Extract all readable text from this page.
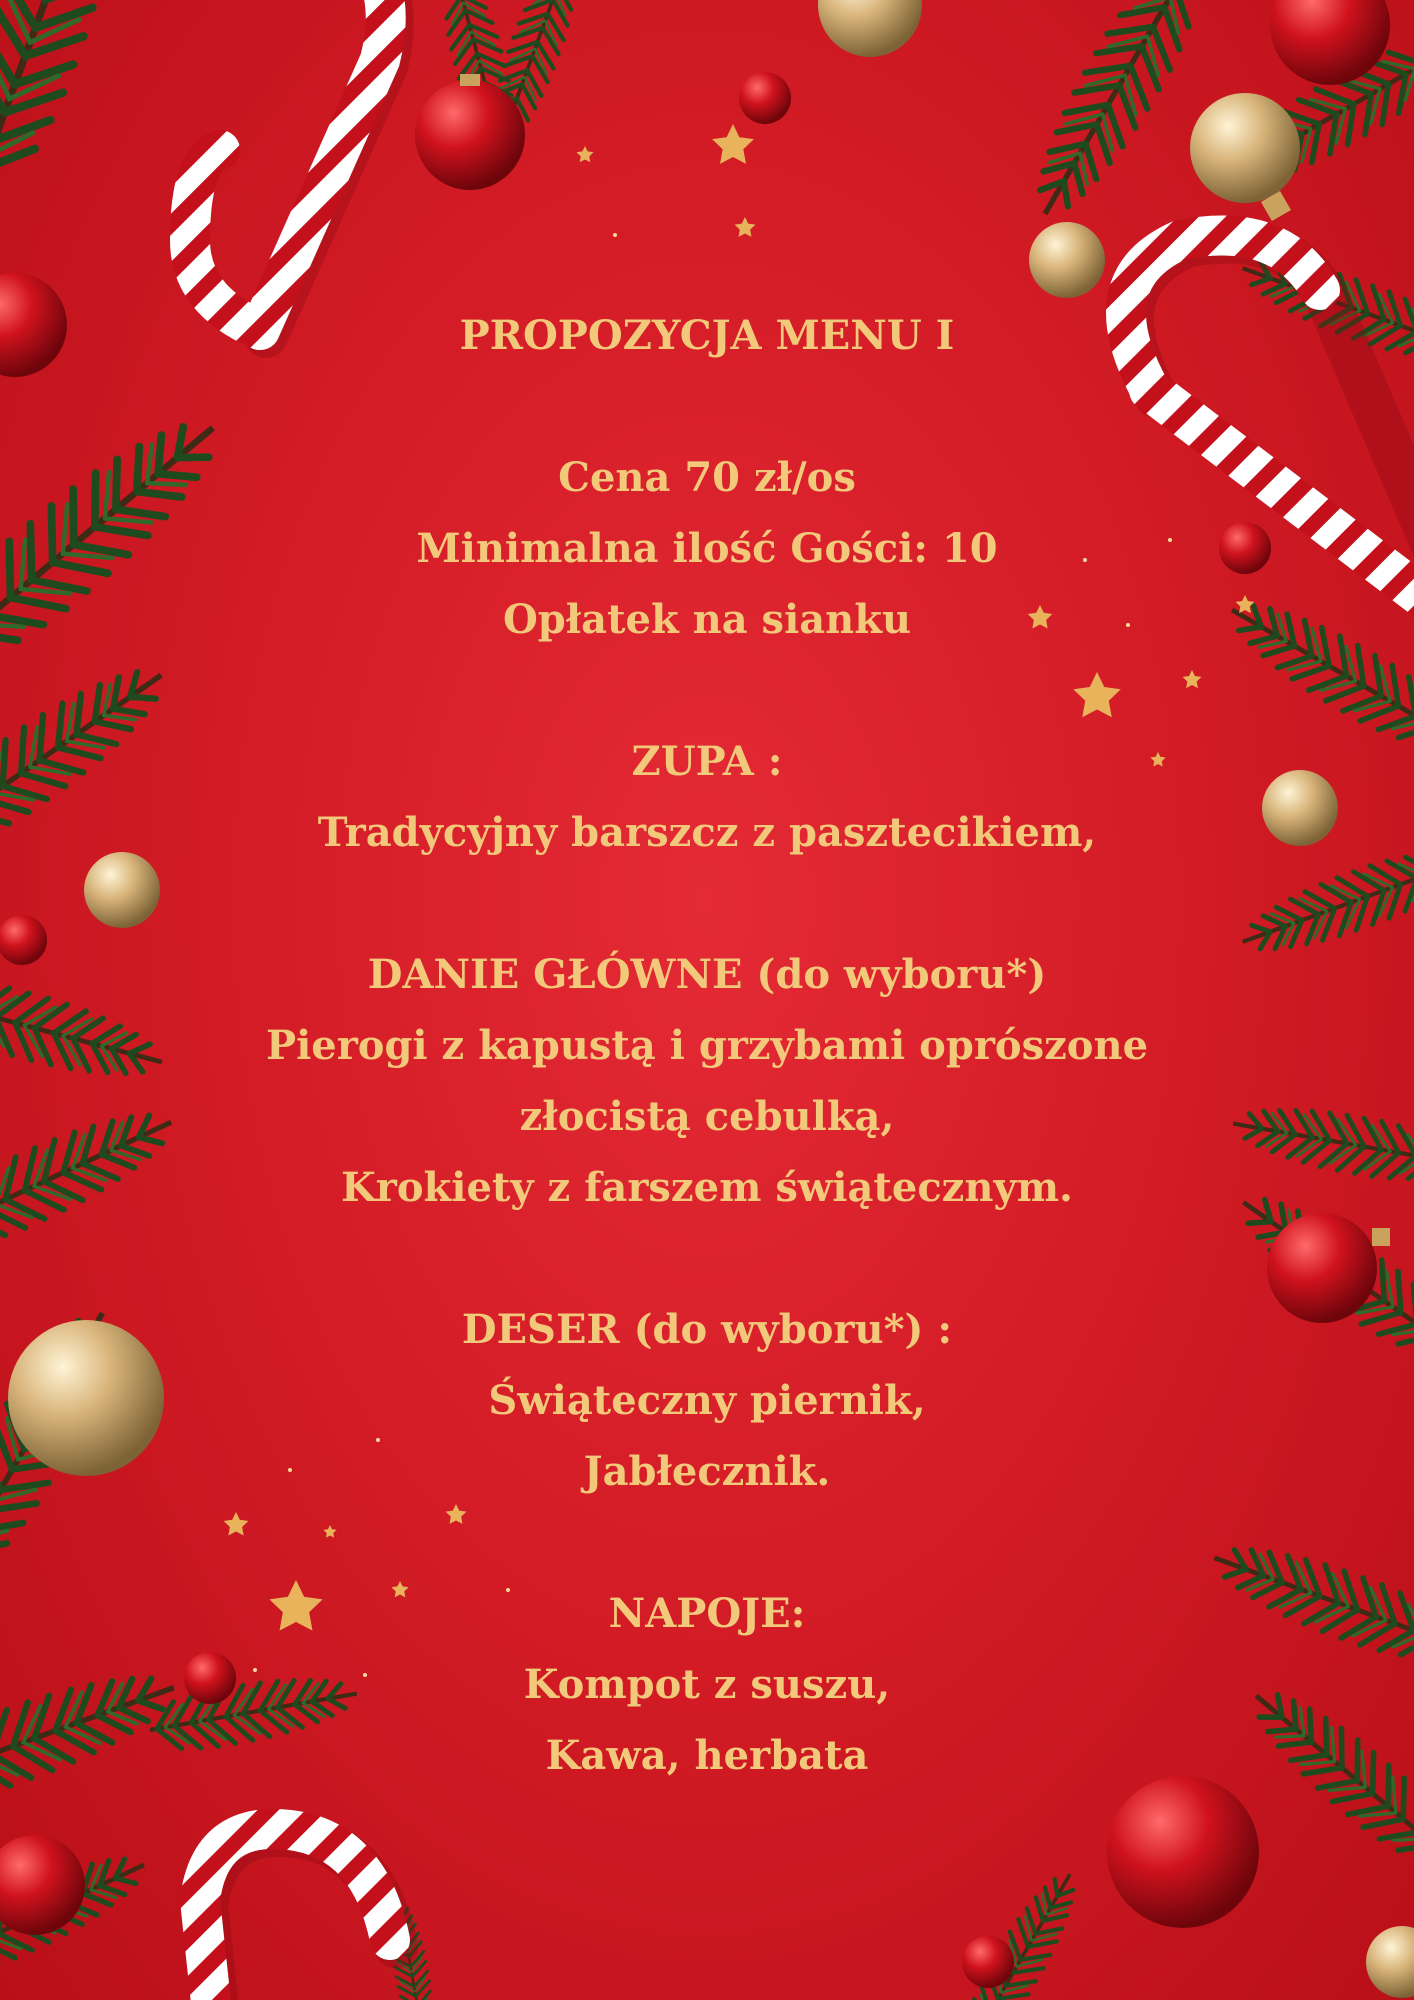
PROPOZYCJA MENU I
Cena 70 zł/os
Minimalna ilość Gości: 10
Opłatek na sianku
ZUPA :
Tradycyjny barszcz z pasztecikiem,
DANIE GŁÓWNE (do wyboru*)
Pierogi z kapustą i grzybami oprószone
złocistą cebulką,
Krokiety z farszem świątecznym.
DESER (do wyboru*) :
Świąteczny piernik,
Jabłecznik.
NAPOJE:
Kompot z suszu,
Kawa, herbata
